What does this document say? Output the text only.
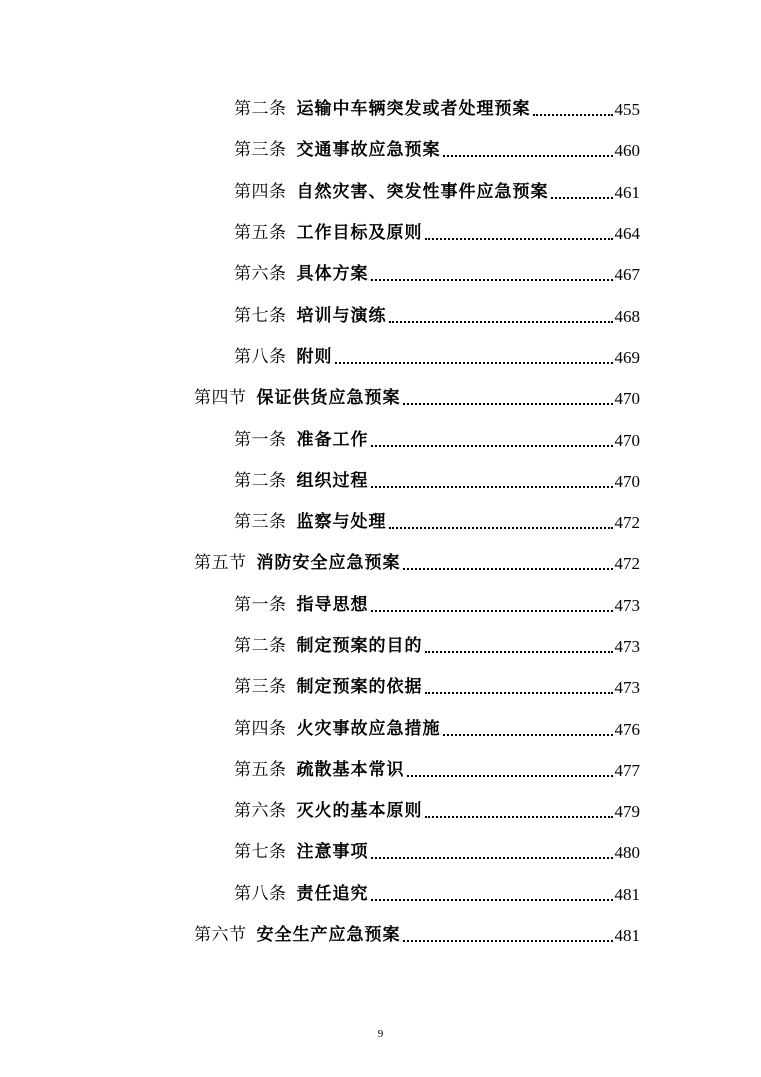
第二条 运输中车辆突发或者处理预案	455
第三条 交通事故应急预案	460
第四条 自然灾害、突发性事件应急预案	461
第五条 工作目标及原则	464
第六条 具体方案	467
第七条 培训与演练	468
第八条 附则	469
第四节 保证供货应急预案	470
第一条 准备工作	470
第二条 组织过程	470
第三条 监察与处理	472
第五节 消防安全应急预案	472
第一条 指导思想	473
第二条 制定预案的目的	473
第三条 制定预案的依据	473
第四条 火灾事故应急措施	476
第五条 疏散基本常识	477
第六条 灭火的基本原则	479
第七条 注意事项	480
第八条 责任追究	481
第六节 安全生产应急预案	481
9
